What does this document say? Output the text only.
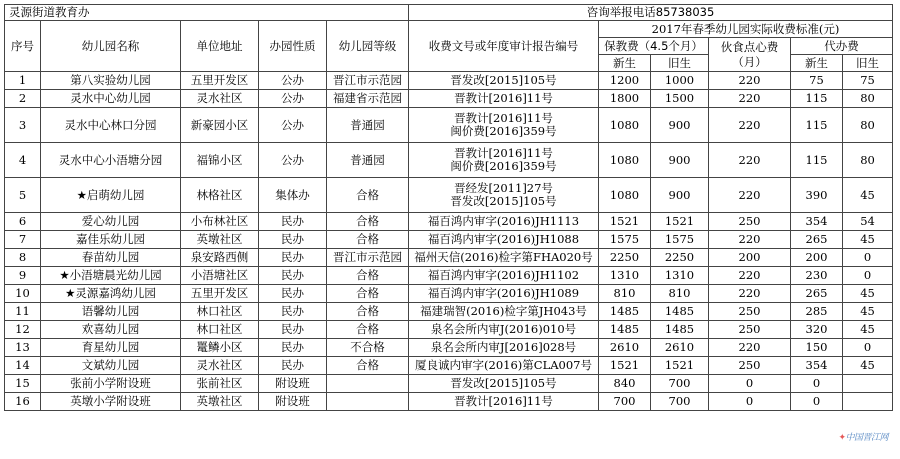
灵源街道教育办					咨询举报电话85738035					
序号	幼儿园名称	单位地址	办园性质	幼儿园等级	收费文号或年度审计报告编号	2017年春季幼儿园实际收费标准(元)				
						保教费（4.5个月）		伙食点心费（月）	代办费	
						新生	旧生		新生	旧生
1	第八实验幼儿园	五里开发区	公办	晋江市示范园	晋发改[2015]105号	1200	1000	220	75	75
2	灵水中心幼儿园	灵水社区	公办	福建省示范园	晋教计[2016]11号	1800	1500	220	115	80
3	灵水中心林口分园	新豪园小区	公办	普通园	晋教计[2016]11号
闽价费[2016]359号	1080	900	220	115	80
4	灵水中心小浯塘分园	福锦小区	公办	普通园	晋教计[2016]11号
闽价费[2016]359号	1080	900	220	115	80
5	★启萌幼儿园	林格社区	集体办	合格	晋经发[2011]27号
晋发改[2015]105号	1080	900	220	390	45
6	爱心幼儿园	小布林社区	民办	合格	福百鸿内审字(2016)JH1113	1521	1521	250	354	54
7	嘉佳乐幼儿园	英墩社区	民办	合格	福百鸿内审字(2016)JH1088	1575	1575	220	265	45
8	春苗幼儿园	泉安路西侧	民办	晋江市示范园	福州天信(2016)检字第FHA020号	2250	2250	200	200	0
9	★小浯塘晨光幼儿园	小浯塘社区	民办	合格	福百鸿内审字(2016)JH1102	1310	1310	220	230	0
10	★灵源嘉鸿幼儿园	五里开发区	民办	合格	福百鸿内审字(2016)JH1089	810	810	220	265	45
11	语馨幼儿园	林口社区	民办	合格	福建瑞智(2016)检字第JH043号	1485	1485	250	285	45
12	欢喜幼儿园	林口社区	民办	合格	泉名会所内审J(2016)010号	1485	1485	250	320	45
13	育星幼儿园	鼍鳞小区	民办	不合格	泉名会所内审J[2016]028号	2610	2610	220	150	0
14	文斌幼儿园	灵水社区	民办	合格	厦良诚内审字(2016)第CLA007号	1521	1521	250	354	45
15	张前小学附设班	张前社区	附设班		晋发改[2015]105号	840	700	0	0	
16	英墩小学附设班	英墩社区	附设班		晋教计[2016]11号	700	700	0	0	
✦中国晋江网
